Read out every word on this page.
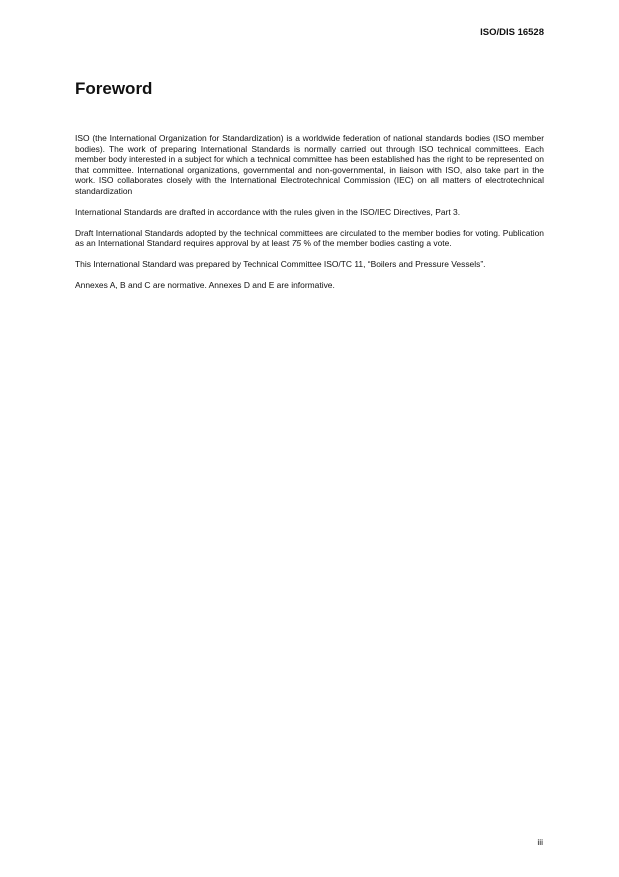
ISO/DIS 16528
Foreword

ISO (the International Organization for Standardization) is a worldwide federation of national standards bodies (ISO member bodies). The work of preparing International Standards is normally carried out through ISO technical committees. Each member body interested in a subject for which a technical committee has been established has the right to be represented on that committee. International organizations, governmental and non-governmental, in liaison with ISO, also take part in the work. ISO collaborates closely with the International Electrotechnical Commission (IEC) on all matters of electrotechnical standardization

International Standards are drafted in accordance with the rules given in the ISO/IEC Directives, Part 3.

Draft International Standards adopted by the technical committees are circulated to the member bodies for voting. Publication as an International Standard requires approval by at least 75 % of the member bodies casting a vote.

This International Standard was prepared by Technical Committee ISO/TC 11, “Boilers and Pressure Vessels”.

Annexes A, B and C are normative. Annexes D and E are informative.

iii
